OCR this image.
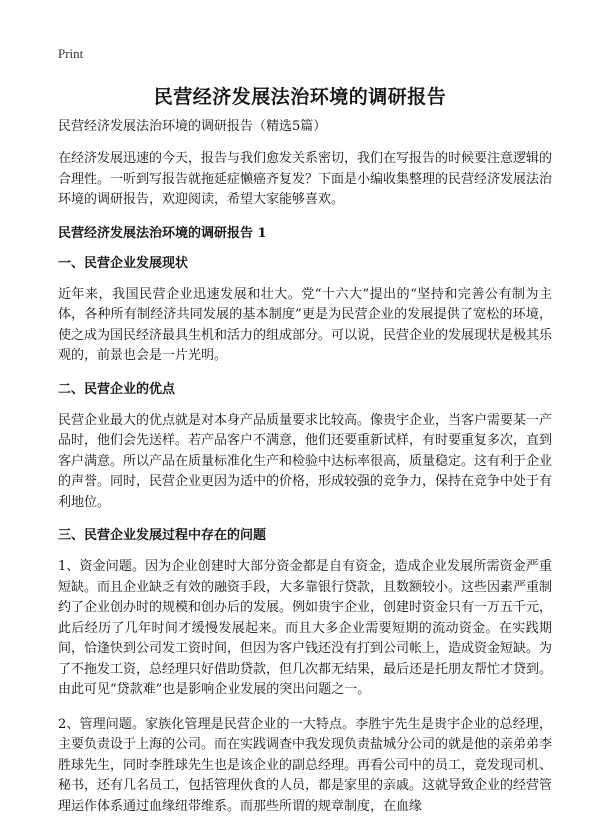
Print
民营经济发展法治环境的调研报告
民营经济发展法治环境的调研报告（精选5篇）

在经济发展迅速的今天，报告与我们愈发关系密切，我们在写报告的时候要注意逻辑的合理性。一听到写报告就拖延症懒癌齐复发？下面是小编收集整理的民营经济发展法治环境的调研报告，欢迎阅读，希望大家能够喜欢。

民营经济发展法治环境的调研报告 1
一、民营企业发展现状

近年来，我国民营企业迅速发展和壮大。党“十六大”提出的“坚持和完善公有制为主体，各种所有制经济共同发展的基本制度”更是为民营企业的发展提供了宽松的环境，使之成为国民经济最具生机和活力的组成部分。可以说，民营企业的发展现状是极其乐观的，前景也会是一片光明。

二、民营企业的优点

民营企业最大的优点就是对本身产品质量要求比较高。像贵宇企业，当客户需要某一产品时，他们会先送样。若产品客户不满意，他们还要重新试样，有时要重复多次，直到客户满意。所以产品在质量标准化生产和检验中达标率很高，质量稳定。这有利于企业的声誉。同时，民营企业更因为适中的价格，形成较强的竞争力，保持在竞争中处于有利地位。

三、民营企业发展过程中存在的问题

1、资金问题。因为企业创建时大部分资金都是自有资金，造成企业发展所需资金严重短缺。而且企业缺乏有效的融资手段，大多靠银行贷款，且数额较小。这些因素严重制约了企业创办时的规模和创办后的发展。例如贵宇企业，创建时资金只有一万五千元，此后经历了几年时间才缓慢发展起来。而且大多企业需要短期的流动资金。在实践期间，恰逢快到公司发工资时间，但因为客户钱还没有打到公司帐上，造成资金短缺。为了不拖发工资，总经理只好借助贷款，但几次都无结果，最后还是托朋友帮忙才贷到。由此可见“贷款难”也是影响企业发展的突出问题之一。

2、管理问题。家族化管理是民营企业的一大特点。李胜宇先生是贵宇企业的总经理，主要负责设于上海的公司。而在实践调查中我发现负责盐城分公司的就是他的亲弟弟李胜球先生，同时李胜球先生也是该企业的副总经理。再看公司中的员工，竟发现司机、秘书，还有几名员工，包括管理伙食的人员，都是家里的亲戚。这就导致企业的经营管理运作体系通过血缘纽带维系。而那些所谓的规章制度，在血缘
